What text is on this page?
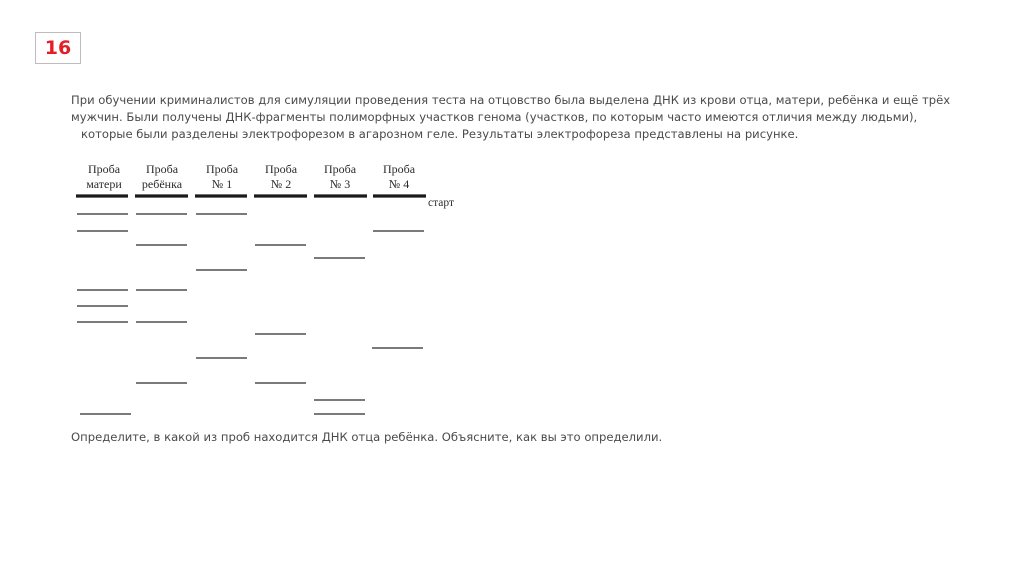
16
При обучении криминалистов для симуляции проведения теста на отцовство была выделена ДНК из крови отца, матери, ребёнка и ещё трёх
мужчин. Были получены ДНК-фрагменты полиморфных участков генома (участков, по которым часто имеются отличия между людьми),
которые были разделены электрофорезом в агарозном геле. Результаты электрофореза представлены на рисунке.
Проба
матери
Проба
ребёнка
Проба
№ 1
Проба
№ 2
Проба
№ 3
Проба
№ 4
старт
Определите, в какой из проб находится ДНК отца ребёнка. Объясните, как вы это определили.
